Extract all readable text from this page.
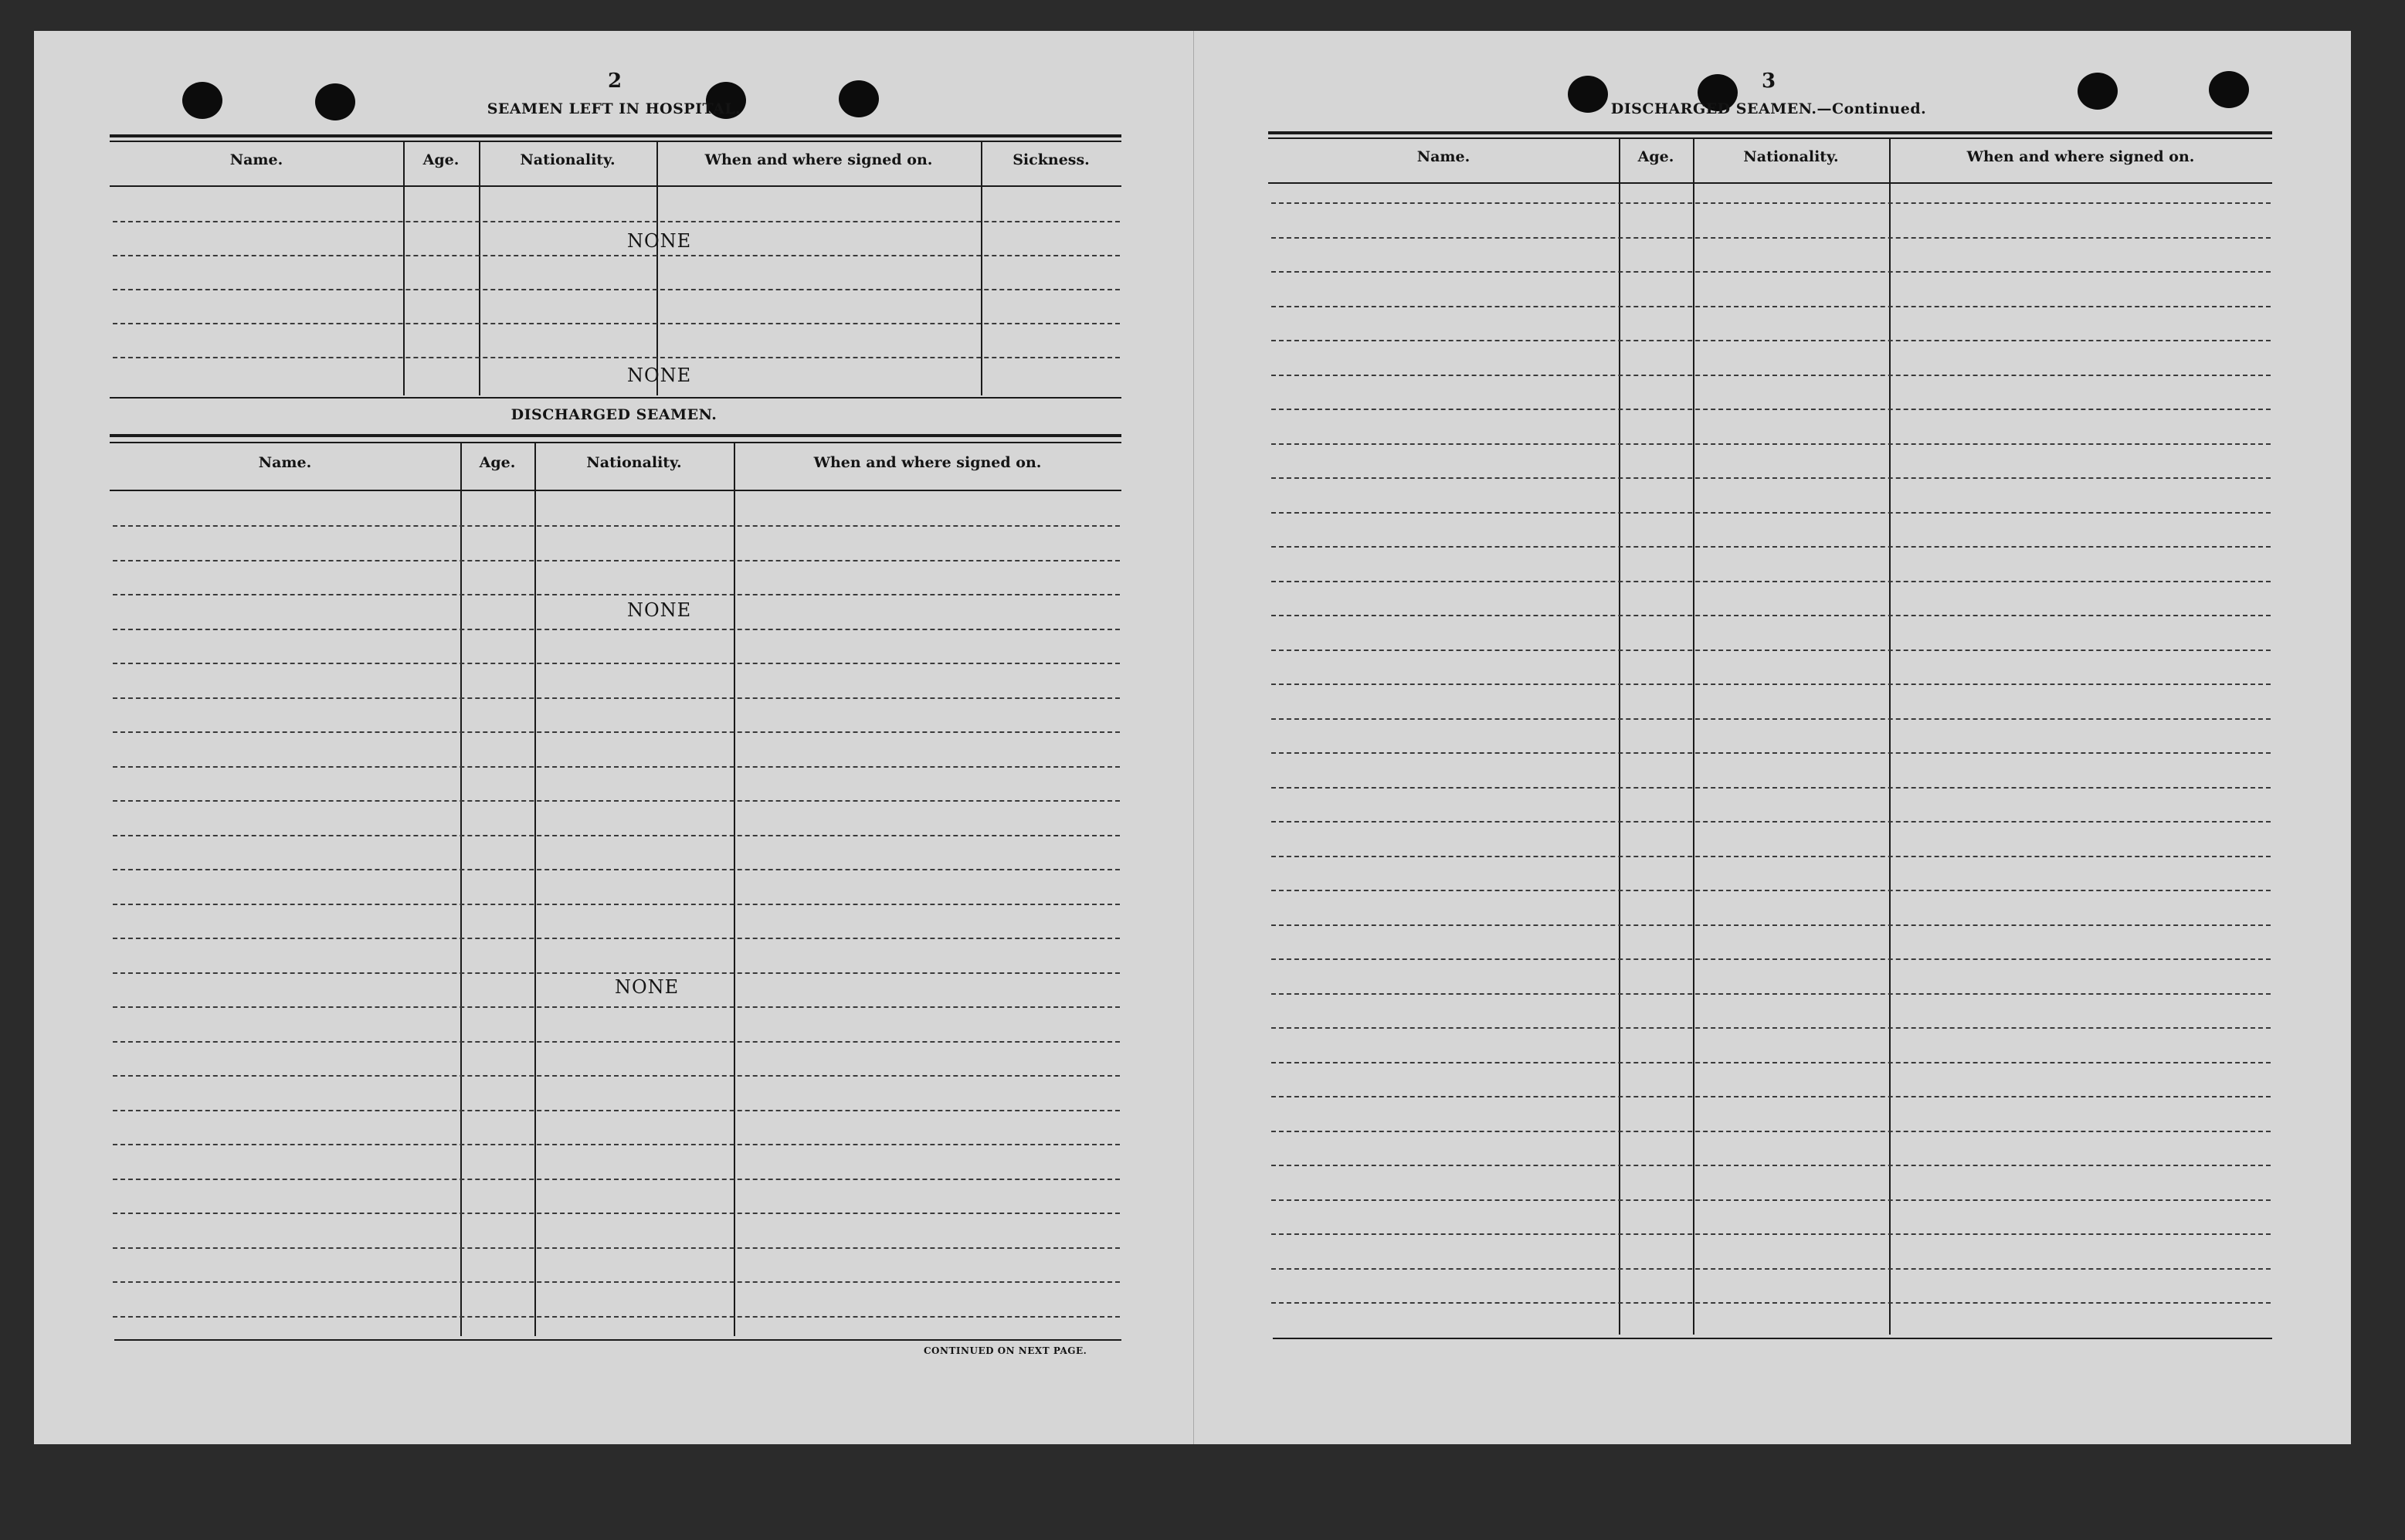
2
SEAMEN LEFT IN HOSPITAL.
Name.	Age.	Nationality.	When and where signed on.	Sickness.
NONE
NONE
DISCHARGED SEAMEN.
Name.	Age.	Nationality.	When and where signed on.
NONE
NONE
CONTINUED ON NEXT PAGE.
3
DISCHARGED SEAMEN.—Continued.
Name.	Age.	Nationality.	When and where signed on.
